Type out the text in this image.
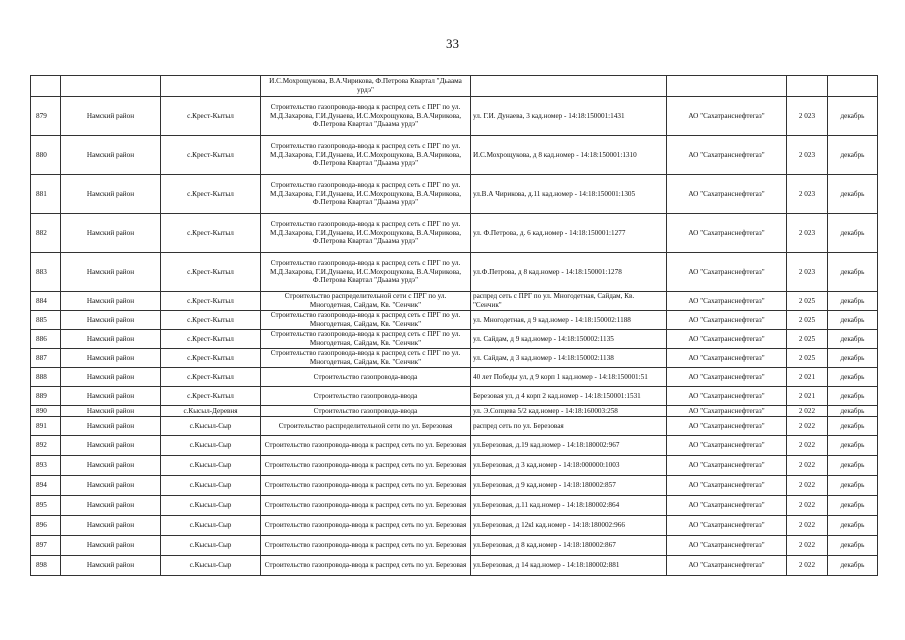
33
			И.С.Мохрощукова, В.А.Чирикова, Ф.Петрова Квартал "Дьаама урдэ"				
879	Намский район	с.Крест-Кытыл	Строительство газопровода-ввода к распред сеть с ПРГ по ул. М.Д.Захарова, Г.И.Дунаева, И.С.Мохрощукова, В.А.Чирикова, Ф.Петрова Квартал "Дьаама урдэ"	ул. Г.И. Дунаева, 3 кад.номер - 14:18:150001:1431	АО "Сахатранснефтегаз"	2 023	декабрь
880	Намский район	с.Крест-Кытыл	Строительство газопровода-ввода к распред сеть с ПРГ по ул. М.Д.Захарова, Г.И.Дунаева, И.С.Мохрощукова, В.А.Чирикова, Ф.Петрова Квартал "Дьаама урдэ"	И.С.Мохрощукова, д 8 кад.номер - 14:18:150001:1310	АО "Сахатранснефтегаз"	2 023	декабрь
881	Намский район	с.Крест-Кытыл	Строительство газопровода-ввода к распред сеть с ПРГ по ул. М.Д.Захарова, Г.И.Дунаева, И.С.Мохрощукова, В.А.Чирикова, Ф.Петрова Квартал "Дьаама урдэ"	ул.В.А Чирикова, д.11 кад.номер - 14:18:150001:1305	АО "Сахатранснефтегаз"	2 023	декабрь
882	Намский район	с.Крест-Кытыл	Строительство газопровода-ввода к распред сеть с ПРГ по ул. М.Д.Захарова, Г.И.Дунаева, И.С.Мохрощукова, В.А.Чирикова, Ф.Петрова Квартал "Дьаама урдэ"	ул. Ф.Петрова, д. 6 кад.номер - 14:18:150001:1277	АО "Сахатранснефтегаз"	2 023	декабрь
883	Намский район	с.Крест-Кытыл	Строительство газопровода-ввода к распред сеть с ПРГ по ул. М.Д.Захарова, Г.И.Дунаева, И.С.Мохрощукова, В.А.Чирикова, Ф.Петрова Квартал "Дьаама урдэ"	ул.Ф.Петрова, д 8 кад.номер - 14:18:150001:1278	АО "Сахатранснефтегаз"	2 023	декабрь
884	Намский район	с.Крест-Кытыл	Строительство распределительной сети с ПРГ по ул. Многодетная, Сайдам, Кв. "Сенчик"	распред сеть с ПРГ по ул. Многодетная, Сайдам, Кв. "Сенчик"	АО "Сахатранснефтегаз"	2 025	декабрь
885	Намский район	с.Крест-Кытыл	Строительство газопровода-ввода к распред сеть с ПРГ по ул. Многодетная, Сайдам, Кв. "Сенчик"	ул. Многодетная, д 9 кад.номер - 14:18:150002:1188	АО "Сахатранснефтегаз"	2 025	декабрь
886	Намский район	с.Крест-Кытыл	Строительство газопровода-ввода к распред сеть с ПРГ по ул. Многодетная, Сайдам, Кв. "Сенчик"	ул. Сайдам, д 9 кад.номер - 14:18:150002:1135	АО "Сахатранснефтегаз"	2 025	декабрь
887	Намский район	с.Крест-Кытыл	Строительство газопровода-ввода к распред сеть с ПРГ по ул. Многодетная, Сайдам, Кв. "Сенчик"	ул. Сайдам, д 3 кад.номер - 14:18:150002:1138	АО "Сахатранснефтегаз"	2 025	декабрь
888	Намский район	с.Крест-Кытыл	Строительство газопровода-ввода	40 лет Победы ул, д 9 корп 1 кад.номер - 14:18:150001:51	АО "Сахатранснефтегаз"	2 021	декабрь
889	Намский район	с.Крест-Кытыл	Строительство газопровода-ввода	Березовая ул, д 4 корп 2 кад.номер - 14:18:150001:1531	АО "Сахатранснефтегаз"	2 021	декабрь
890	Намский район	с.Кысыл-Деревня	Строительство газопровода-ввода	ул. Э.Сопцева 5/2 кад.номер - 14:18:160003:258	АО "Сахатранснефтегаз"	2 022	декабрь
891	Намский район	с.Кысыл-Сыр	Строительство распределительной сети по ул. Березовая	распред сеть по ул. Березовая	АО "Сахатранснефтегаз"	2 022	декабрь
892	Намский район	с.Кысыл-Сыр	Строительство газопровода-ввода к распред сеть по ул. Березовая	ул.Березовая, д.19 кад.номер - 14:18:180002:967	АО "Сахатранснефтегаз"	2 022	декабрь
893	Намский район	с.Кысыл-Сыр	Строительство газопровода-ввода к распред сеть по ул. Березовая	ул.Березовая, д 3 кад.номер - 14:18:000000:1003	АО "Сахатранснефтегаз"	2 022	декабрь
894	Намский район	с.Кысыл-Сыр	Строительство газопровода-ввода к распред сеть по ул. Березовая	ул.Березовая, д 9 кад.номер - 14:18:180002:857	АО "Сахатранснефтегаз"	2 022	декабрь
895	Намский район	с.Кысыл-Сыр	Строительство газопровода-ввода к распред сеть по ул. Березовая	ул.Березовая, д.11 кад.номер - 14:18:180002:864	АО "Сахатранснефтегаз"	2 022	декабрь
896	Намский район	с.Кысыл-Сыр	Строительство газопровода-ввода к распред сеть по ул. Березовая	ул.Березовая, д 12кl кад.номер - 14:18:180002:966	АО "Сахатранснефтегаз"	2 022	декабрь
897	Намский район	с.Кысыл-Сыр	Строительство газопровода-ввода к распред сеть по ул. Березовая	ул.Березовая, д 8 кад.номер - 14:18:180002:867	АО "Сахатранснефтегаз"	2 022	декабрь
898	Намский район	с.Кысыл-Сыр	Строительство газопровода-ввода к распред сеть по ул. Березовая	ул.Березовая, д 14 кад.номер - 14:18:180002:881	АО "Сахатранснефтегаз"	2 022	декабрь
